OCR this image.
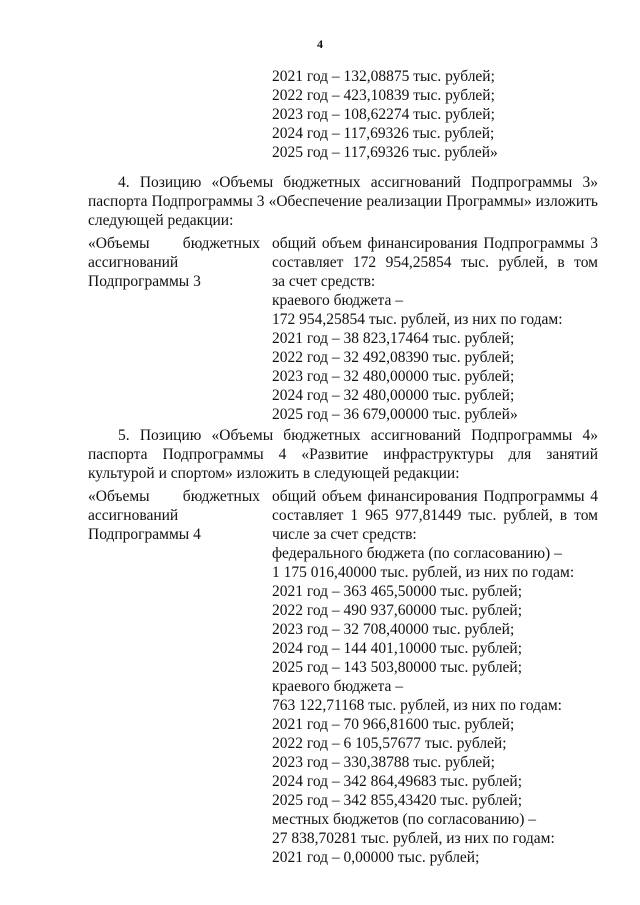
4
2021 год – 132,08875 тыс. рублей;
2022 год – 423,10839 тыс. рублей;
2023 год – 108,62274 тыс. рублей;
2024 год – 117,69326 тыс. рублей;
2025 год – 117,69326 тыс. рублей»
4. Позицию «Объемы бюджетных ассигнований Подпрограммы 3»
паспорта Подпрограммы 3 «Обеспечение реализации Программы» изложить
следующей редакции:
«Объемы бюджетных
ассигнований
Подпрограммы 3
общий объем финансирования Подпрограммы 3
составляет 172 954,25854 тыс. рублей, в том
за счет средств:
краевого бюджета –
172 954,25854 тыс. рублей, из них по годам:
2021 год – 38 823,17464 тыс. рублей;
2022 год – 32 492,08390 тыс. рублей;
2023 год – 32 480,00000 тыс. рублей;
2024 год – 32 480,00000 тыс. рублей;
2025 год – 36 679,00000 тыс. рублей»
5. Позицию «Объемы бюджетных ассигнований Подпрограммы 4»
паспорта Подпрограммы 4 «Развитие инфраструктуры для занятий
культурой и спортом» изложить в следующей редакции:
«Объемы бюджетных
ассигнований
Подпрограммы 4
общий объем финансирования Подпрограммы 4
составляет 1 965 977,81449 тыс. рублей, в том
числе за счет средств:
федерального бюджета (по согласованию) –
1 175 016,40000 тыс. рублей, из них по годам:
2021 год – 363 465,50000 тыс. рублей;
2022 год – 490 937,60000 тыс. рублей;
2023 год – 32 708,40000 тыс. рублей;
2024 год – 144 401,10000 тыс. рублей;
2025 год – 143 503,80000 тыс. рублей;
краевого бюджета –
763 122,71168 тыс. рублей, из них по годам:
2021 год – 70 966,81600 тыс. рублей;
2022 год – 6 105,57677 тыс. рублей;
2023 год – 330,38788 тыс. рублей;
2024 год – 342 864,49683 тыс. рублей;
2025 год – 342 855,43420 тыс. рублей;
местных бюджетов (по согласованию) –
27 838,70281 тыс. рублей, из них по годам:
2021 год – 0,00000 тыс. рублей;
